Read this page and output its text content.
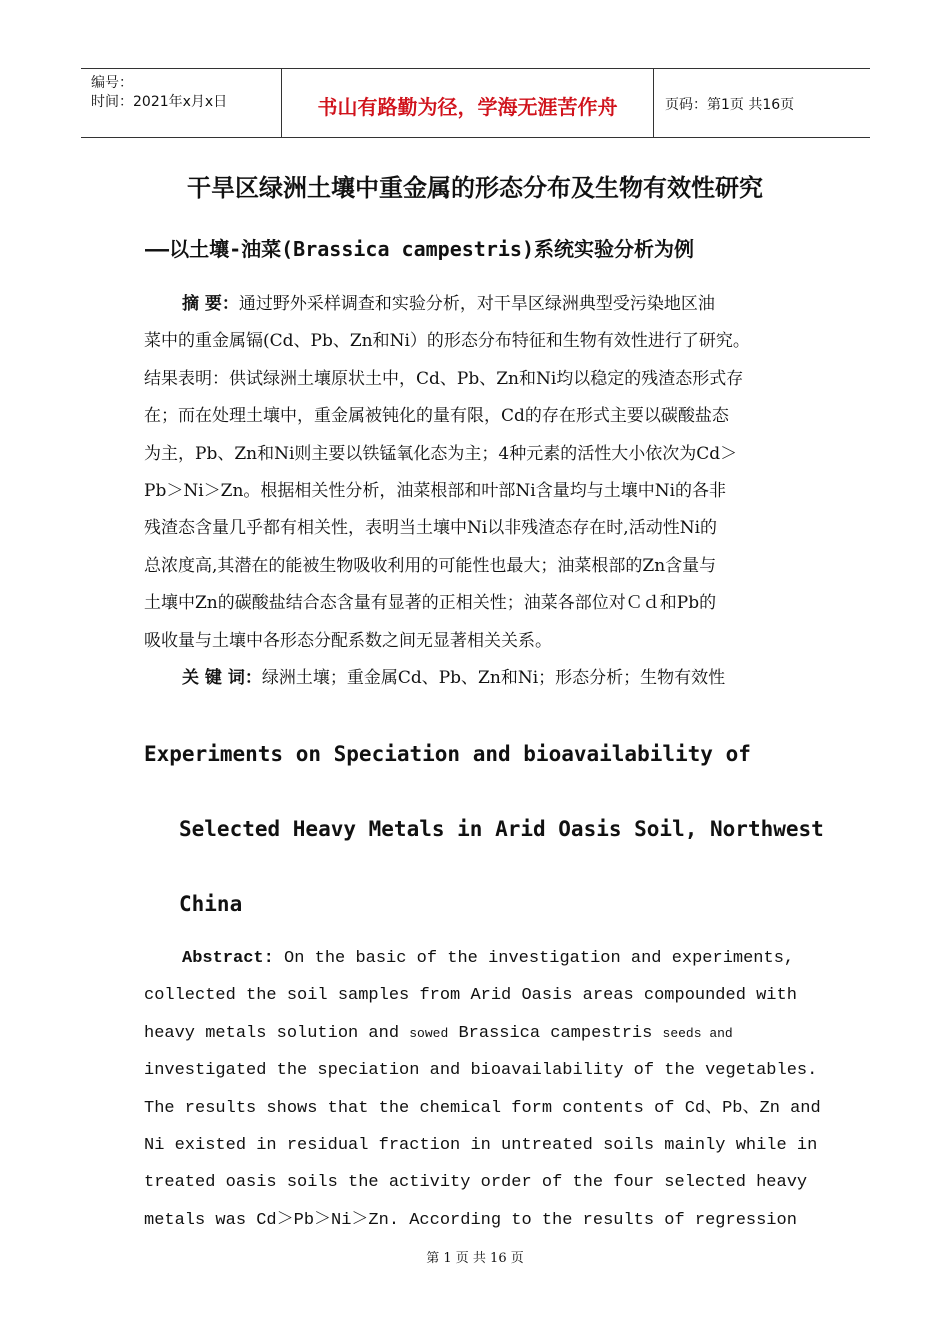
编号：
时间：2021年x月x日	书山有路勤为径，学海无涯苦作舟	页码：第1页 共16页
干旱区绿洲土壤中重金属的形态分布及生物有效性研究
——以土壤-油菜(Brassica campestris)系统实验分析为例
摘 要：通过野外采样调查和实验分析，对干旱区绿洲典型受污染地区油
菜中的重金属镉(Cd、Pb、Zn和Ni）的形态分布特征和生物有效性进行了研究。
结果表明：供试绿洲土壤原状土中，Cd、Pb、Zn和Ni均以稳定的残渣态形式存
在；而在处理土壤中，重金属被钝化的量有限，Cd的存在形式主要以碳酸盐态
为主，Pb、Zn和Ni则主要以铁锰氧化态为主；4种元素的活性大小依次为Cd＞
Pb＞Ni＞Zn。根据相关性分析，油菜根部和叶部Ni含量均与土壤中Ni的各非
残渣态含量几乎都有相关性，表明当土壤中Ni以非残渣态存在时,活动性Ni的
总浓度高,其潜在的能被生物吸收利用的可能性也最大；油菜根部的Zn含量与
土壤中Zn的碳酸盐结合态含量有显著的正相关性；油菜各部位对Ｃｄ和Pb的
吸收量与土壤中各形态分配系数之间无显著相关关系。
关 键 词：绿洲土壤；重金属Cd、Pb、Zn和Ni；形态分析；生物有效性
Experiments on Speciation and bioavailability of
Selected Heavy Metals in Arid Oasis Soil, Northwest
China
Abstract: On the basic of the investigation and experiments,
collected the soil samples from Arid Oasis areas compounded with
heavy metals solution and sowed Brassica campestris seeds and
investigated the speciation and bioavailability of the vegetables.
The results shows that the chemical form contents of Cd、Pb、Zn and
Ni existed in residual fraction in untreated soils mainly while in
treated oasis soils the activity order of the four selected heavy
metals was Cd＞Pb＞Ni＞Zn. According to the results of regression
第 1 页 共 16 页
